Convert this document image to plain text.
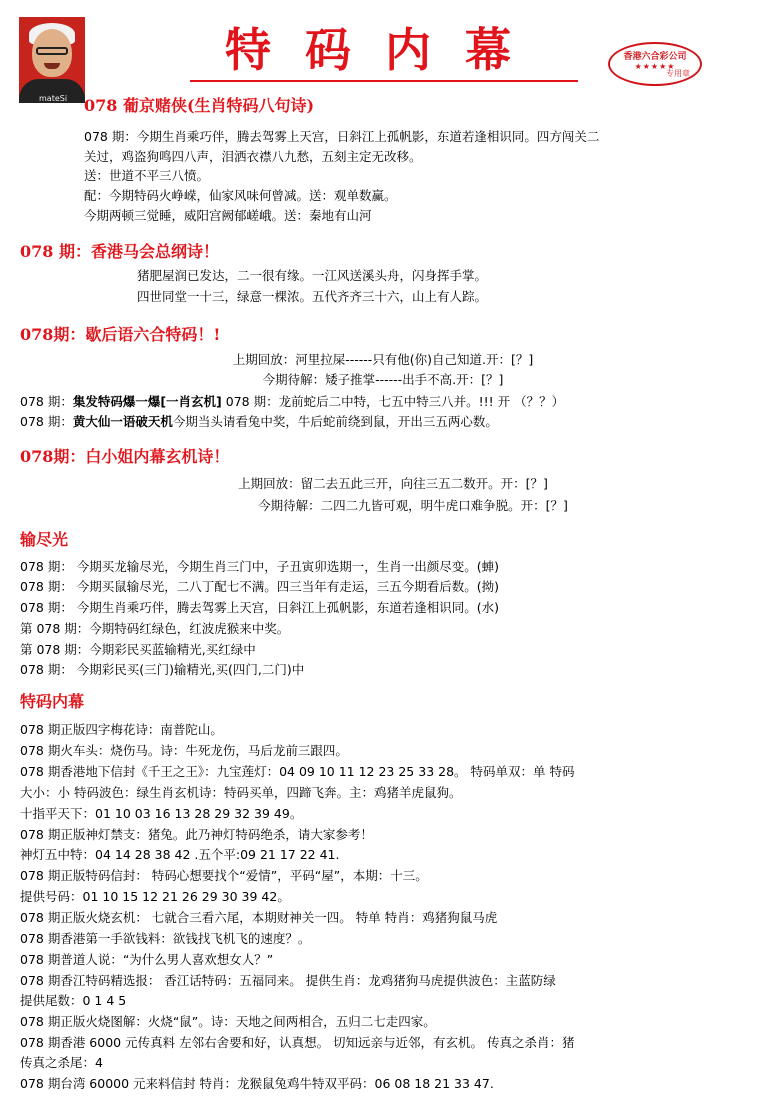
mateSi
特码内幕	香港六合彩公司
★★★★★
专用章
078 葡京赌侠(生肖特码八句诗)
078 期：今期生肖乘巧伴，腾去驾雾上天宫，日斜江上孤帆影，东道若逢相识同。四方闯关二
关过，鸡盗狗鸣四八声，泪洒衣襟八九愁，五刻主定无改移。
送：世道不平三八愤。
配：今期特码火峥嵘，仙家风味何曾减。送：观单数赢。
今期两顿三觉睡，威阳宫阙郁嵯峨。送：秦地有山河
078 期：香港马会总纲诗！
猪肥屋润已发达，二一很有缘。一江风送溪头舟，闪身挥手掌。
四世同堂一十三，绿意一棵浓。五代齐齐三十六，山上有人踪。
078期：歇后语六合特码！!
上期回放：河里拉屎------只有他(你)自己知道.开：[？]
今期待解：矮子推掌------出手不高.开：[？]
078 期：集发特码爆一爆[一肖玄机] 078 期：龙前蛇后二中特，七五中特三八并。!!! 开 （？？）
078 期：黄大仙一语破天机今期当头请看兔中奖，牛后蛇前绕到鼠，开出三五两心数。
078期：白小姐内幕玄机诗！
上期回放：留二去五此三开，向往三五二数开。开：[？]
今期待解：二四二九皆可观，明牛虎口难争脱。开：[？]
输尽光
078 期： 今期买龙输尽光，今期生肖三门中，子丑寅卯选期一，生肖一出颜尽变。(蛼)
078 期： 今期买鼠输尽光，二八丁配七不满。四三当年有走运，三五今期看后数。(拗)
078 期： 今期生肖乘巧伴，腾去驾雾上天宫，日斜江上孤帆影，东道若逢相识同。(水)
第 078 期：今期特码红绿色，红波虎猴来中奖。
第 078 期：今期彩民买蓝输精光,买红绿中
078 期： 今期彩民买(三门)输精光,买(四门,二门)中
特码内幕
078 期正版四字梅花诗：南普陀山。
078 期火车头：烧伤马。诗：牛死龙伤，马后龙前三跟四。
078 期香港地下信封《千王之王》：九宝莲灯：04 09 10 11 12 23 25 33 28。 特码单双：单 特码
大小：小 特码波色：绿生肖玄机诗：特码买单，四蹄飞奔。主：鸡猪羊虎鼠狗。
十指平天下：01 10 03 16 13 28 29 32 39 49。
078 期正版神灯禁支：猪兔。此乃神灯特码绝杀，请大家参考！
神灯五中特：04 14 28 38 42 .五个平:09 21 17 22 41.
078 期正版特码信封： 特码心想要找个“爱情”，平码“屋”，本期：十三。
提供号码：01 10 15 12 21 26 29 30 39 42。
078 期正版火烧玄机： 七就合三看六尾，本期财神关一四。 特单 特肖：鸡猪狗鼠马虎
078 期香港第一手欲钱料：欲钱找飞机飞的速度？。
078 期普道人说：“为什么男人喜欢想女人？”
078 期香江特码精选报： 香江话特码：五福同来。 提供生肖：龙鸡猪狗马虎提供波色：主蓝防绿
提供尾数：0 1 4 5
078 期正版火烧图解：火烧“鼠”。诗：天地之间两相合，五归二七走四家。
078 期香港 6000 元传真料 左邻右舍要和好，认真想。 切知远亲与近邻，有玄机。 传真之杀肖：猪
传真之杀尾：4
078 期台湾 60000 元来料信封 特肖：龙猴鼠兔鸡牛特双平码：06 08 18 21 33 47.
